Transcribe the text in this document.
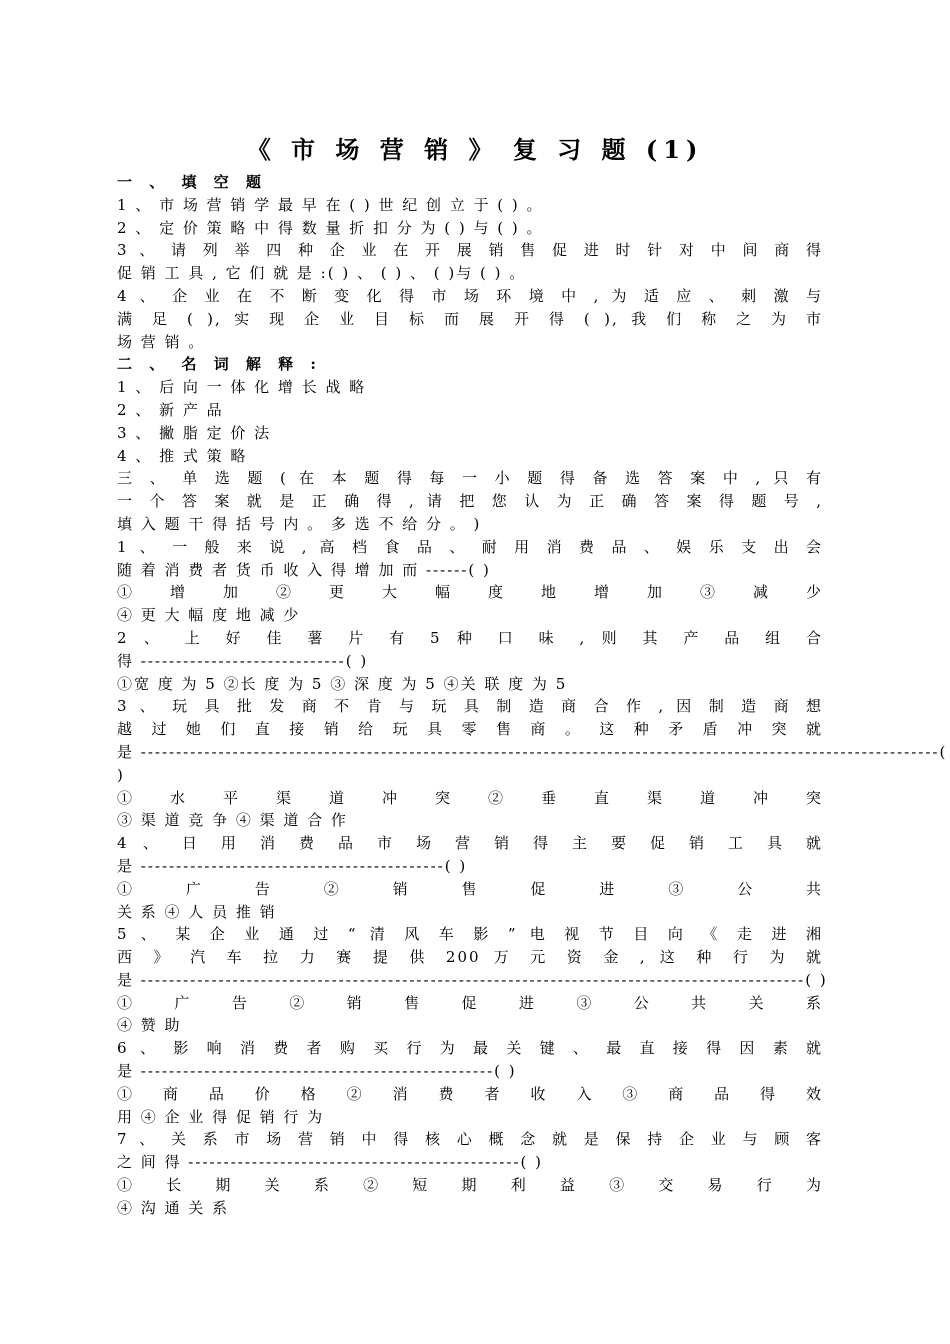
《 市 场 营 销 》 复 习 题 (1)
一 、 填 空 题
1 、 市 场 营 销 学 最 早 在 ( ) 世 纪 创 立 于 ( ) 。
2 、 定 价 策 略 中 得 数 量 折 扣 分 为 ( ) 与 ( ) 。
3 、 请 列 举 四 种 企 业 在 开 展 销 售 促 进 时 针 对 中 间 商 得
促 销 工 具 , 它 们 就 是 :( ) 、 ( ) 、 ( )与 ( ) 。
4 、 企 业 在 不 断 变 化 得 市 场 环 境 中 , 为 适 应 、 刺 激 与
满 足 ( ), 实 现 企 业 目 标 而 展 开 得 ( ), 我 们 称 之 为 市
场 营 销 。
二 、 名 词 解 释 :
1 、 后 向 一 体 化 增 长 战 略
2 、 新 产 品
3 、 撇 脂 定 价 法
4 、 推 式 策 略
三 、 单 选 题 ( 在 本 题 得 每 一 小 题 得 备 选 答 案 中 , 只 有
一 个 答 案 就 是 正 确 得 , 请 把 您 认 为 正 确 答 案 得 题 号 ,
填 入 题 干 得 括 号 内 。 多 选 不 给 分 。 )
1 、 一 般 来 说 , 高 档 食 品 、 耐 用 消 费 品 、 娱 乐 支 出 会
随 着 消 费 者 货 币 收 入 得 增 加 而 ------( )
① 增 加 ② 更 大 幅 度 地 增 加 ③ 减 少
④ 更 大 幅 度 地 减 少
2 、 上 好 佳 薯 片 有 5 种 口 味 , 则 其 产 品 组 合
得 -----------------------------( )
①宽 度 为 5 ②长 度 为 5 ③ 深 度 为 5 ④关 联 度 为 5
3 、 玩 具 批 发 商 不 肯 与 玩 具 制 造 商 合 作 , 因 制 造 商 想
越 过 她 们 直 接 销 给 玩 具 零 售 商 。 这 种 矛 盾 冲 突 就
是 -----------------------------------------------------------------------------------------------------------------(
)
① 水 平 渠 道 冲 突 ② 垂 直 渠 道 冲 突
③ 渠 道 竞 争 ④ 渠 道 合 作
4 、 日 用 消 费 品 市 场 营 销 得 主 要 促 销 工 具 就
是 -------------------------------------------( )
① 广 告 ② 销 售 促 进 ③ 公 共
关 系 ④ 人 员 推 销
5 、 某 企 业 通 过 “ 清 风 车 影 ” 电 视 节 目 向 《 走 进 湘
西 》 汽 车 拉 力 赛 提 供 200 万 元 资 金 , 这 种 行 为 就
是 ----------------------------------------------------------------------------------------------( )
① 广 告 ② 销 售 促 进 ③ 公 共 关 系
④ 赞 助
6 、 影 响 消 费 者 购 买 行 为 最 关 键 、 最 直 接 得 因 素 就
是 --------------------------------------------------( )
① 商 品 价 格 ② 消 费 者 收 入 ③ 商 品 得 效
用 ④ 企 业 得 促 销 行 为
7 、 关 系 市 场 营 销 中 得 核 心 概 念 就 是 保 持 企 业 与 顾 客
之 间 得 -----------------------------------------------( )
① 长 期 关 系 ② 短 期 利 益 ③ 交 易 行 为
④ 沟 通 关 系
